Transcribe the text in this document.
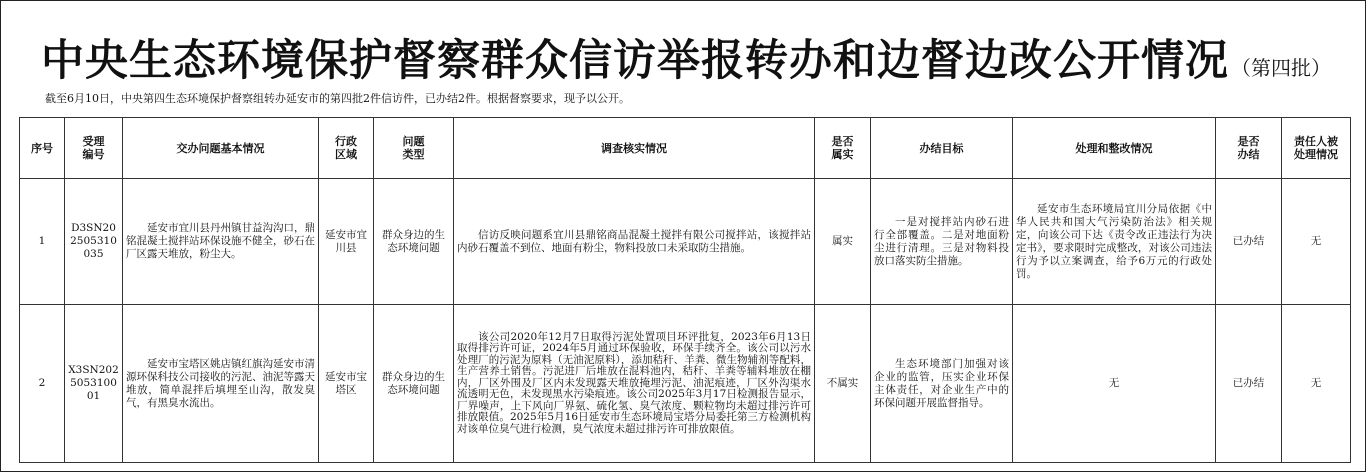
中央生态环境保护督察群众信访举报转办和边督边改公开情况 （第四批）
截至6月10日，中央第四生态环境保护督察组转办延安市的第四批2件信访件，已办结2件。根据督察要求，现予以公开。
序号	受理编号	交办问题基本情况	行政区域	问题类型	调查核实情况	是否属实	办结目标	处理和整改情况	是否办结	责任人被处理情况
1	D3SN202505310035	延安市宜川县丹州镇甘益沟沟口，鼎铭混凝土搅拌站环保设施不健全，砂石在厂区露天堆放，粉尘大。	延安市宜川县	群众身边的生态环境问题	信访反映问题系宜川县鼎铭商品混凝土搅拌有限公司搅拌站，该搅拌站内砂石覆盖不到位、地面有粉尘，物料投放口未采取防尘措施。	属实	一是对搅拌站内砂石进行全部覆盖。二是对地面粉尘进行清理。三是对物料投放口落实防尘措施。	延安市生态环境局宜川分局依据《中华人民共和国大气污染防治法》相关规定，向该公司下达《责令改正违法行为决定书》，要求限时完成整改，对该公司违法行为予以立案调查，给予6万元的行政处罚。	已办结	无
2	X3SN202505310001	延安市宝塔区姚店镇红旗沟延安市清源环保科技公司接收的污泥、油泥等露天堆放，简单混拌后填埋至山沟，散发臭气，有黑臭水流出。	延安市宝塔区	群众身边的生态环境问题	该公司2020年12月7日取得污泥处置项目环评批复，2023年6月13日取得排污许可证，2024年5月通过环保验收，环保手续齐全。该公司以污水处理厂的污泥为原料（无油泥原料），添加秸秆、羊粪、微生物辅剂等配料，生产营养土销售。污泥进厂后堆放在混料池内，秸秆、羊粪等辅料堆放在棚内，厂区外围及厂区内未发现露天堆放掩埋污泥、油泥痕迹，厂区外沟渠水流透明无色，未发现黑水污染痕迹。该公司2025年3月17日检测报告显示，厂界噪声，上下风向厂界氨、硫化氢、臭气浓度、颗粒物均未超过排污许可排放限值。2025年5月16日延安市生态环境局宝塔分局委托第三方检测机构对该单位臭气进行检测，臭气浓度未超过排污许可排放限值。	不属实	生态环境部门加强对该企业的监管，压实企业环保主体责任，对企业生产中的环保问题开展监督指导。	无	已办结	无
